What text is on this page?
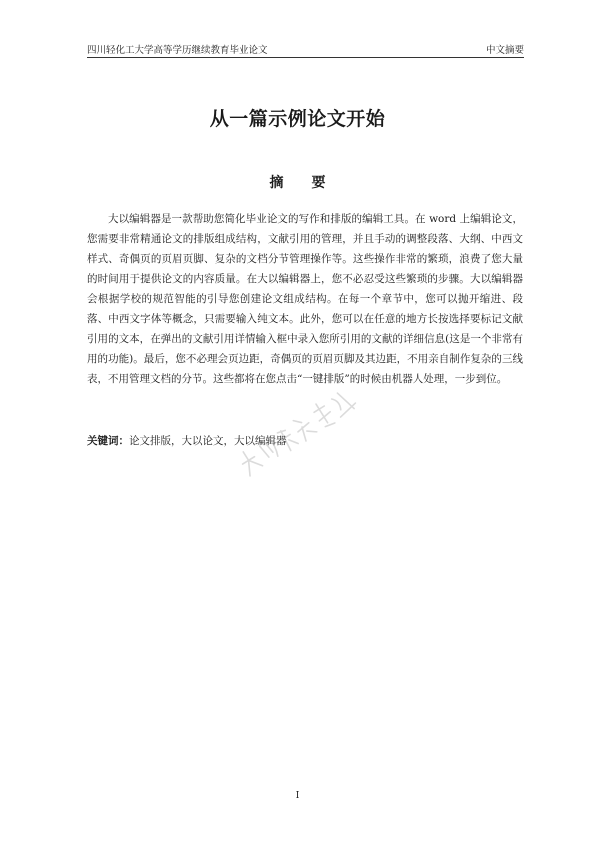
四川轻化工大学高等学历继续教育毕业论文	中文摘要
从一篇示例论文开始
摘要

大以编辑器是一款帮助您简化毕业论文的写作和排版的编辑工具。在 word 上编辑论文，您需要非常精通论文的排版组成结构，文献引用的管理，并且手动的调整段落、大纲、中西文样式、奇偶页的页眉页脚、复杂的文档分节管理操作等。这些操作非常的繁琐，浪费了您大量的时间用于提供论文的内容质量。在大以编辑器上，您不必忍受这些繁琐的步骤。大以编辑器会根据学校的规范智能的引导您创建论文组成结构。在每一个章节中，您可以抛开缩进、段落、中西文字体等概念，只需要输入纯文本。此外，您可以在任意的地方长按选择要标记文献引用的文本，在弹出的文献引用详情输入框中录入您所引用的文献的详细信息(这是一个非常有用的功能)。最后，您不必理会页边距，奇偶页的页眉页脚及其边距，不用亲自制作复杂的三线表，不用管理文档的分节。这些都将在您点击“一键排版”的时候由机器人处理，一步到位。

关键词：论文排版，大以论文，大以编辑器
I
